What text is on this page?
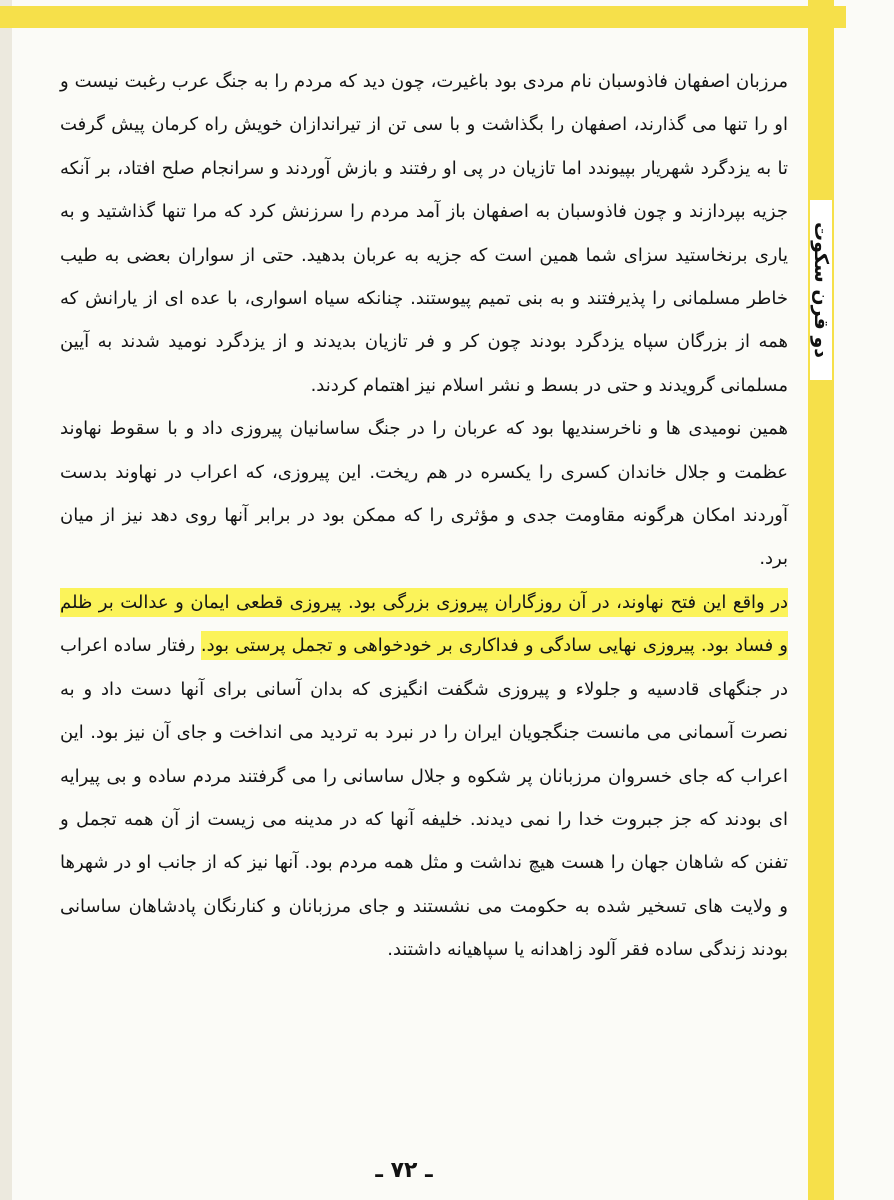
دو قرن سکوت

مرزبان اصفهان فاذوسبان نام مردی بود باغیرت، چون دید که مردم را به جنگ عرب رغبت نیست و او را تنها می گذارند، اصفهان را بگذاشت و با سی تن از تیراندازان خویش راه کرمان پیش گرفت تا به یزدگرد شهریار بپیوندد اما تازیان در پی او رفتند و بازش آوردند و سرانجام صلح افتاد، بر آنکه جزیه بپردازند و چون فاذوسبان به اصفهان باز آمد مردم را سرزنش کرد که مرا تنها گذاشتید و به یاری برنخاستید سزای شما همین است که جزیه به عربان بدهید. حتی از سواران بعضی به طیب خاطر مسلمانی را پذیرفتند و به بنی تمیم پیوستند. چنانکه سیاه اسواری، با عده ای از یارانش که همه از بزرگان سپاه یزدگرد بودند چون کر و فر تازیان بدیدند و از یزدگرد نومید شدند به آیین مسلمانی گرویدند و حتی در بسط و نشر اسلام نیز اهتمام کردند.

همین نومیدی ها و ناخرسندیها بود که عربان را در جنگ ساسانیان پیروزی داد و با سقوط نهاوند عظمت و جلال خاندان کسری را یکسره در هم ریخت. این پیروزی، که اعراب در نهاوند بدست آوردند امکان هرگونه مقاومت جدی و مؤثری را که ممکن بود در برابر آنها روی دهد نیز از میان برد.

در واقع این فتح نهاوند، در آن روزگاران پیروزی بزرگی بود. پیروزی قطعی ایمان و عدالت بر ظلم و فساد بود. پیروزی نهایی سادگی و فداکاری بر خودخواهی و تجمل پرستی بود. رفتار ساده اعراب در جنگهای قادسیه و جلولاء و پیروزی شگفت انگیزی که بدان آسانی برای آنها دست داد و به نصرت آسمانی می مانست جنگجویان ایران را در نبرد به تردید می انداخت و جای آن نیز بود. این اعراب که جای خسروان مرزبانان پر شکوه و جلال ساسانی را می گرفتند مردم ساده و بی پیرایه ای بودند که جز جبروت خدا را نمی دیدند. خلیفه آنها که در مدینه می زیست از آن همه تجمل و تفنن که شاهان جهان را هست هیچ نداشت و مثل همه مردم بود. آنها نیز که از جانب او در شهرها و ولایت های تسخیر شده به حکومت می نشستند و جای مرزبانان و کنارنگان پادشاهان ساسانی بودند زندگی ساده فقر آلود زاهدانه یا سپاهیانه داشتند.

ـ ۷۲ ـ
